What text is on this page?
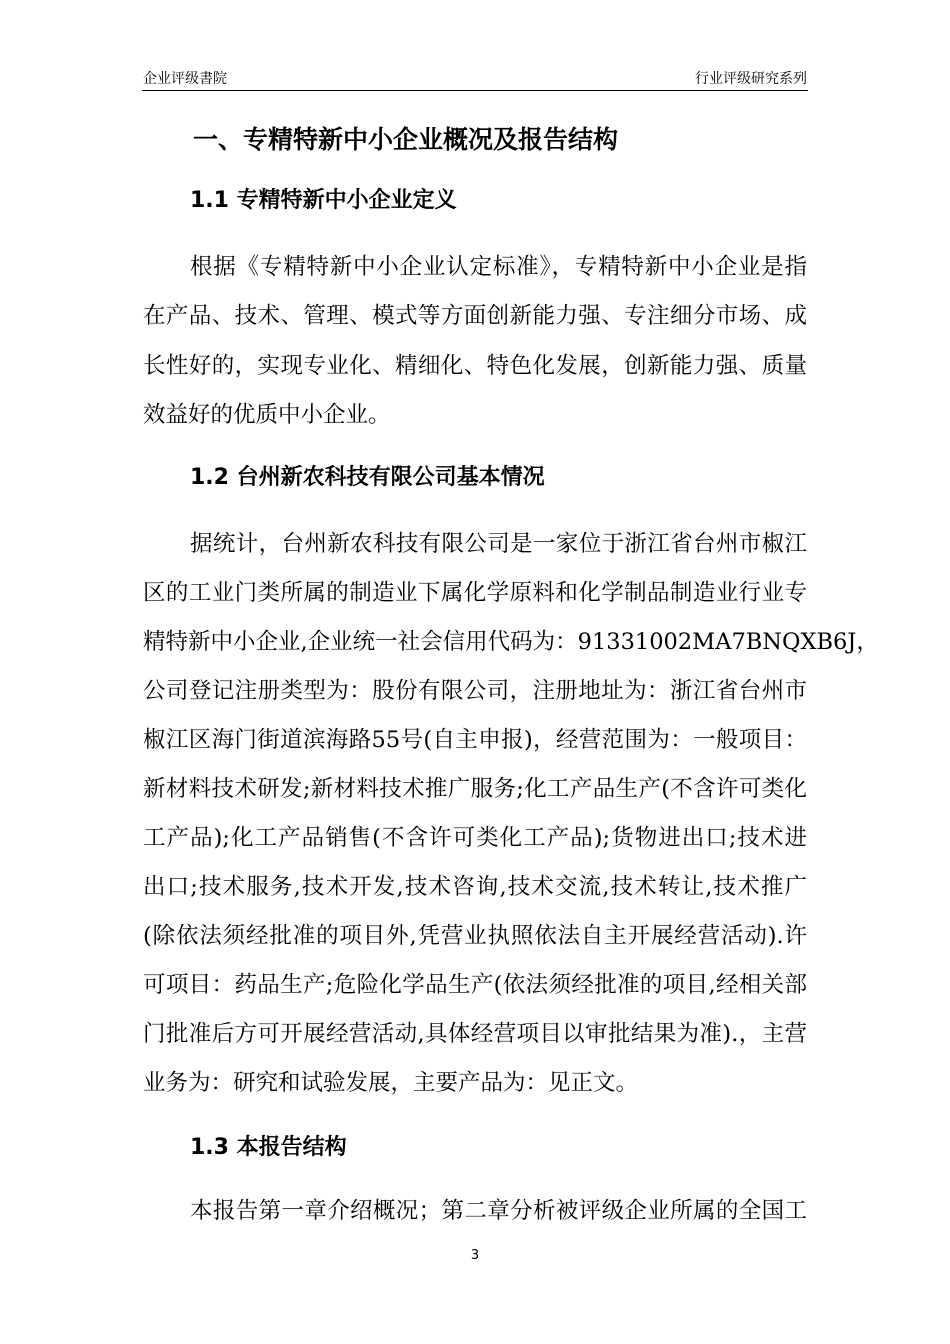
企业评级書院	行业评级研究系列
一、专精特新中小企业概况及报告结构
1.1 专精特新中小企业定义
根据《专精特新中小企业认定标准》，专精特新中小企业是指
在产品、技术、管理、模式等方面创新能力强、专注细分市场、成
长性好的，实现专业化、精细化、特色化发展，创新能力强、质量
效益好的优质中小企业。
1.2 台州新农科技有限公司基本情况
据统计，台州新农科技有限公司是一家位于浙江省台州市椒江
区的工业门类所属的制造业下属化学原料和化学制品制造业行业专
精特新中小企业,企业统一社会信用代码为：91331002MA7BNQXB6J，
公司登记注册类型为：股份有限公司，注册地址为：浙江省台州市
椒江区海门街道滨海路55号(自主申报)，经营范围为：一般项目：
新材料技术研发;新材料技术推广服务;化工产品生产(不含许可类化
工产品);化工产品销售(不含许可类化工产品);货物进出口;技术进
出口;技术服务,技术开发,技术咨询,技术交流,技术转让,技术推广
(除依法须经批准的项目外,凭营业执照依法自主开展经营活动).许
可项目：药品生产;危险化学品生产(依法须经批准的项目,经相关部
门批准后方可开展经营活动,具体经营项目以审批结果为准).，主营
业务为：研究和试验发展，主要产品为：见正文。
1.3 本报告结构
本报告第一章介绍概况；第二章分析被评级企业所属的全国工
3
